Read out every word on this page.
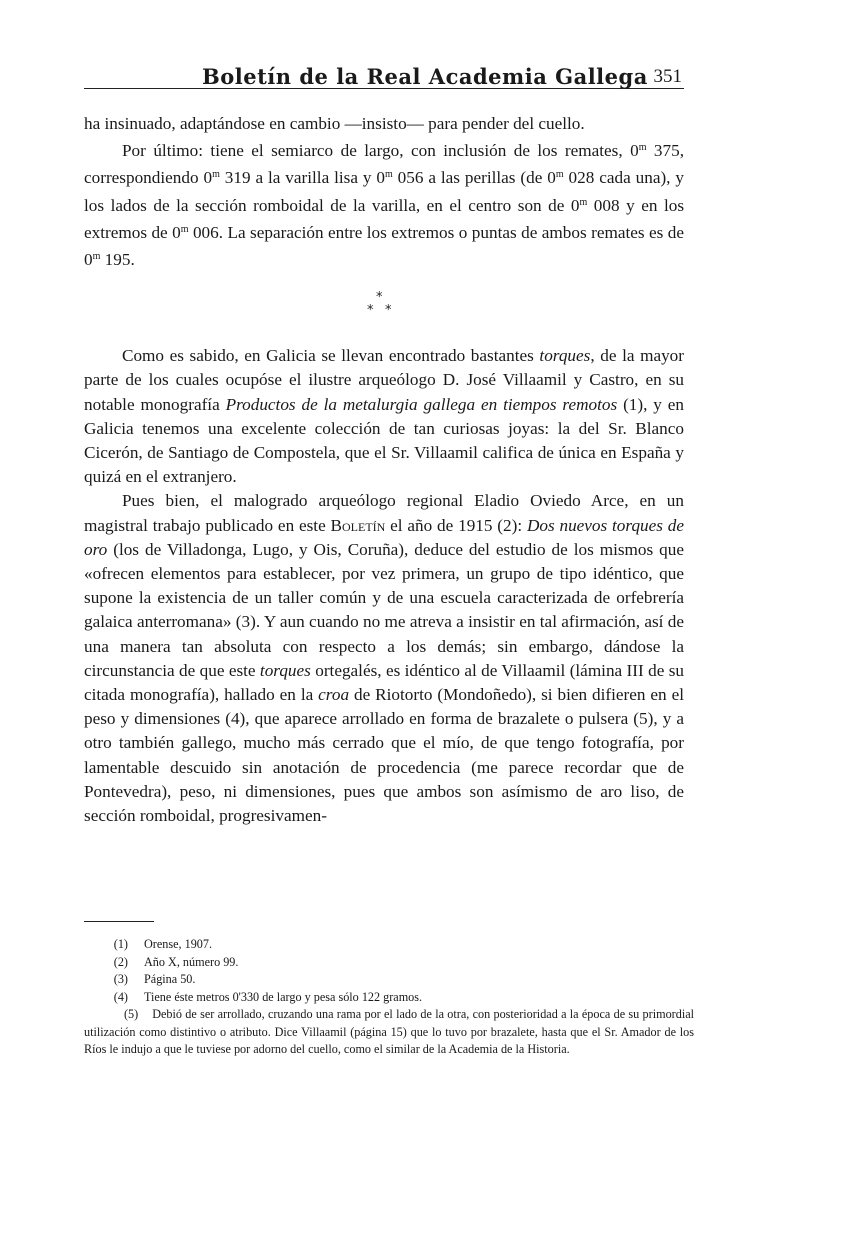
Boletín de la Real Academia Gallega 351

ha insinuado, adaptándose en cambio —insisto— para pender del cuello.

Por último: tiene el semiarco de largo, con inclusión de los remates, 0$^m$ 375, correspondiendo 0$^m$ 319 a la varilla lisa y 0$^m$ 056 a las perillas (de 0$^m$ 028 cada una), y los lados de la sección romboidal de la varilla, en el centro son de 0$^m$ 008 y en los extremos de 0$^m$ 006. La separación entre los extremos o puntas de ambos remates es de 0$^m$ 195.

*
* *

Como es sabido, en Galicia se llevan encontrado bastantes torques, de la mayor parte de los cuales ocupóse el ilustre arqueólogo D. José Villaamil y Castro, en su notable monografía Productos de la metalurgia gallega en tiempos remotos (1), y en Galicia tenemos una excelente colección de tan curiosas joyas: la del Sr. Blanco Cicerón, de Santiago de Compostela, que el Sr. Villaamil califica de única en España y quizá en el extranjero.

Pues bien, el malogrado arqueólogo regional Eladio Oviedo Arce, en un magistral trabajo publicado en este Boletín el año de 1915 (2): Dos nuevos torques de oro (los de Villadonga, Lugo, y Ois, Coruña), deduce del estudio de los mismos que «ofrecen elementos para establecer, por vez primera, un grupo de tipo idéntico, que supone la existencia de un taller común y de una escuela caracterizada de orfebrería galaica anterromana» (3). Y aun cuando no me atreva a insistir en tal afirmación, así de una manera tan absoluta con respecto a los demás; sin embargo, dándose la circunstancia de que este torques ortegalés, es idéntico al de Villaamil (lámina III de su citada monografía), hallado en la croa de Riotorto (Mondoñedo), si bien difieren en el peso y dimensiones (4), que aparece arrollado en forma de brazalete o pulsera (5), y a otro también gallego, mucho más cerrado que el mío, de que tengo fotografía, por lamentable descuido sin anotación de procedencia (me parece recordar que de Pontevedra), peso, ni dimensiones, pues que ambos son asímismo de aro liso, de sección romboidal, progresivamen-

(1)	Orense, 1907.
(2)	Año X, número 99.
(3)	Página 50.
(4)	Tiene éste metros 0'330 de largo y pesa sólo 122 gramos.
(5) Debió de ser arrollado, cruzando una rama por el lado de la otra, con posterioridad a la época de su primordial utilización como distintivo o atributo. Dice Villaamil (página 15) que lo tuvo por brazalete, hasta que el Sr. Amador de los Ríos le indujo a que le tuviese por adorno del cuello, como el similar de la Academia de la Historia.
